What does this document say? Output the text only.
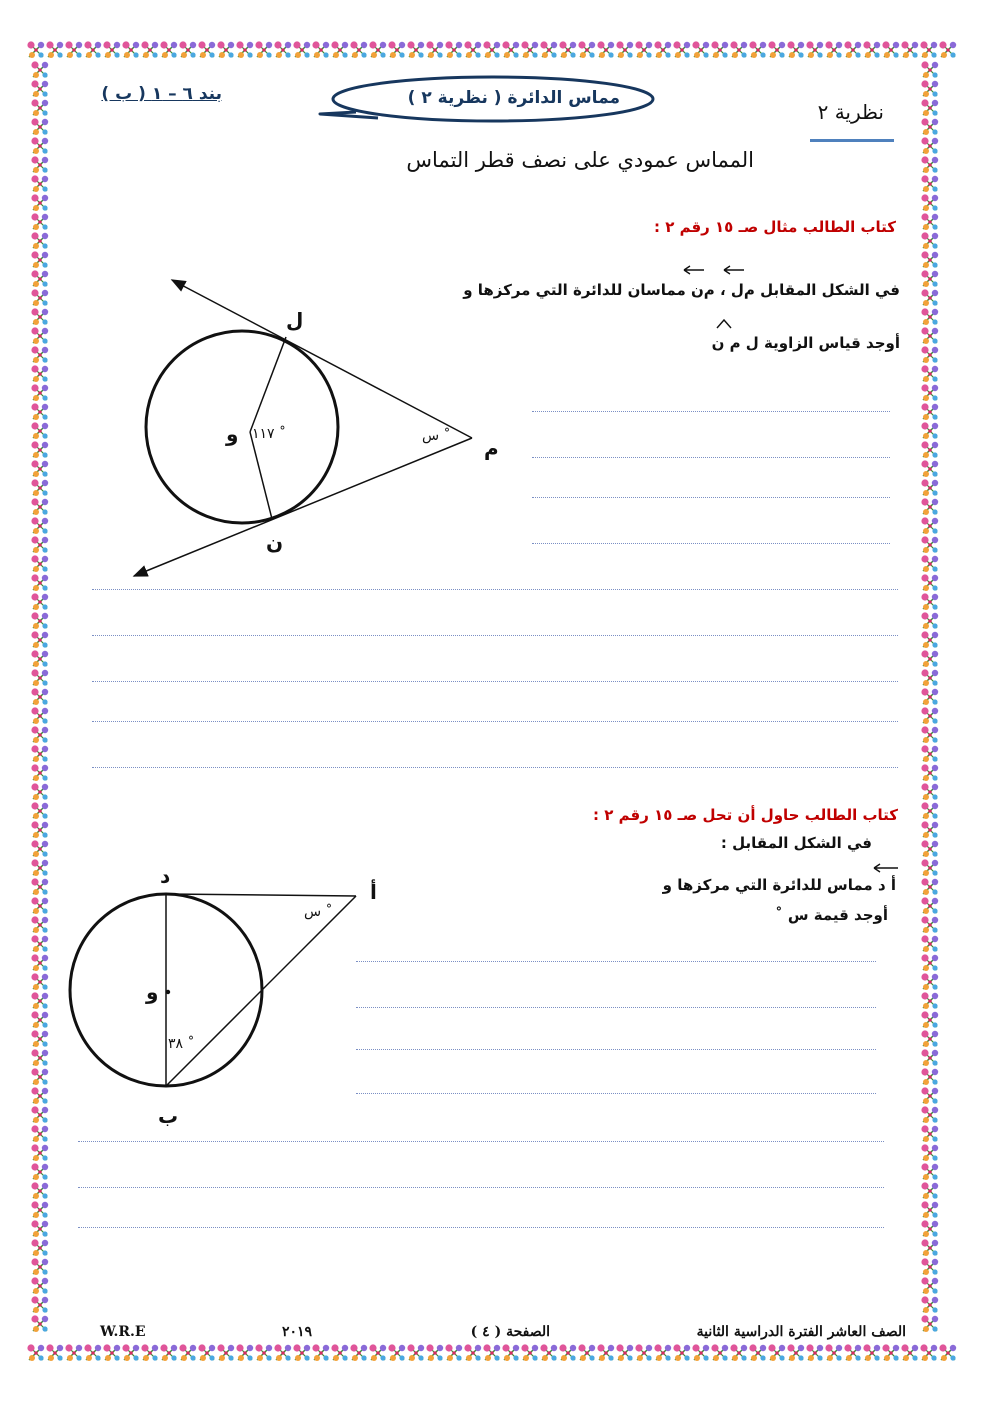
بند ٦ – ١ ( ب )	مماس الدائرة ( نظرية ٢ )
نظرية ٢
المماس عمودي على نصف قطر التماس
كتاب الطالب مثال صـ ١٥ رقم ٢ :
في الشكل المقابل م‌ل ، م‌ن مماسان للدائرة التي مركزها و
أوجد قياس الزاوية ل م ن
ل
و ١١٧ ˚	س ˚ م
ن
كتاب الطالب حاول أن تحل صـ ١٥ رقم ٢ :
في الشكل المقابل :
أ د مماس للدائرة التي مركزها و
أوجد قيمة س ˚
د
أ
س ˚
و
٣٨ ˚
ب
الصف العاشر الفترة الدراسية الثانية
الصفحة ( ٤ )
٢٠١٩
W.R.E
